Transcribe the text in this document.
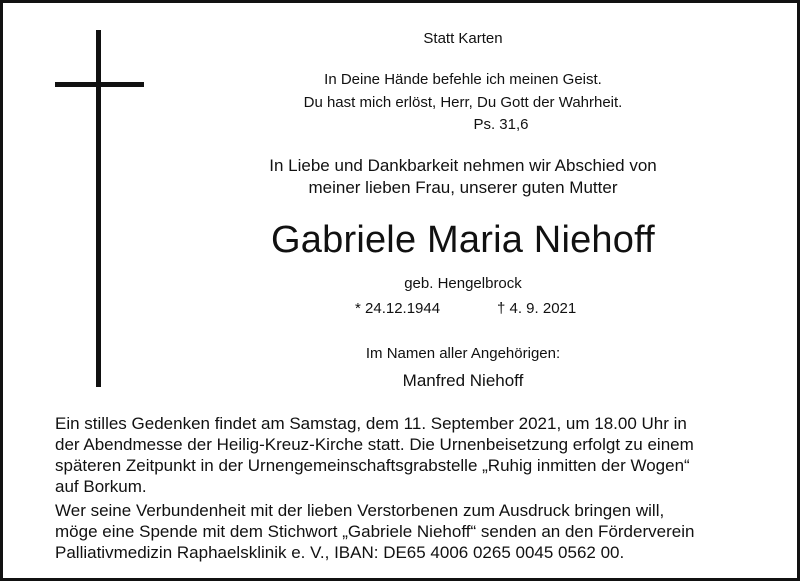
Statt Karten
In Deine Hände befehle ich meinen Geist.
Du hast mich erlöst, Herr, Du Gott der Wahrheit.
Ps. 31,6
In Liebe und Dankbarkeit nehmen wir Abschied von
meiner lieben Frau, unserer guten Mutter
Gabriele Maria Niehoff
geb. Hengelbrock
* 24.12.1944	† 4. 9. 2021
Im Namen aller Angehörigen:
Manfred Niehoff
Ein stilles Gedenken findet am Samstag, dem 11. September 2021, um 18.00 Uhr in
der Abendmesse der Heilig-Kreuz-Kirche statt. Die Urnenbeisetzung erfolgt zu einem
späteren Zeitpunkt in der Urnengemeinschaftsgrabstelle „Ruhig inmitten der Wogen“
auf Borkum.
Wer seine Verbundenheit mit der lieben Verstorbenen zum Ausdruck bringen will,
möge eine Spende mit dem Stichwort „Gabriele Niehoff“ senden an den Förderverein
Palliativmedizin Raphaelsklinik e. V., IBAN: DE65 4006 0265 0045 0562 00.
